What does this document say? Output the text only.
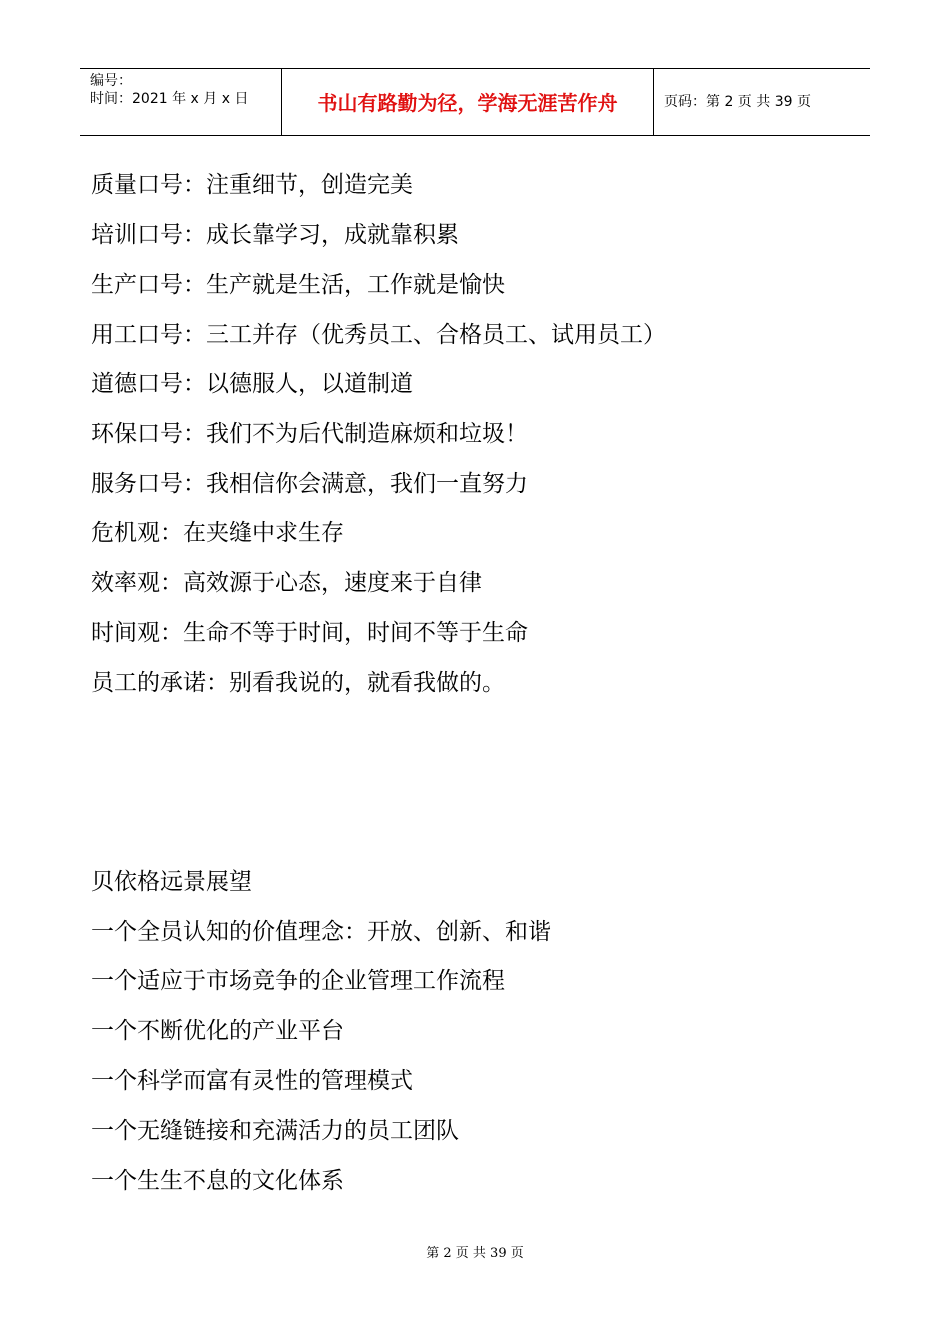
编号：
时间：2021 年 x 月 x 日	书山有路勤为径，学海无涯苦作舟	页码：第 2 页 共 39 页
质量口号：注重细节，创造完美
培训口号：成长靠学习，成就靠积累
生产口号：生产就是生活，工作就是愉快
用工口号：三工并存（优秀员工、合格员工、试用员工）
道德口号：以德服人，以道制道
环保口号：我们不为后代制造麻烦和垃圾！
服务口号：我相信你会满意，我们一直努力
危机观：在夹缝中求生存
效率观：高效源于心态，速度来于自律
时间观：生命不等于时间，时间不等于生命
员工的承诺：别看我说的，就看我做的。
贝依格远景展望
一个全员认知的价值理念：开放、创新、和谐
一个适应于市场竞争的企业管理工作流程
一个不断优化的产业平台
一个科学而富有灵性的管理模式
一个无缝链接和充满活力的员工团队
一个生生不息的文化体系
第 2 页 共 39 页
